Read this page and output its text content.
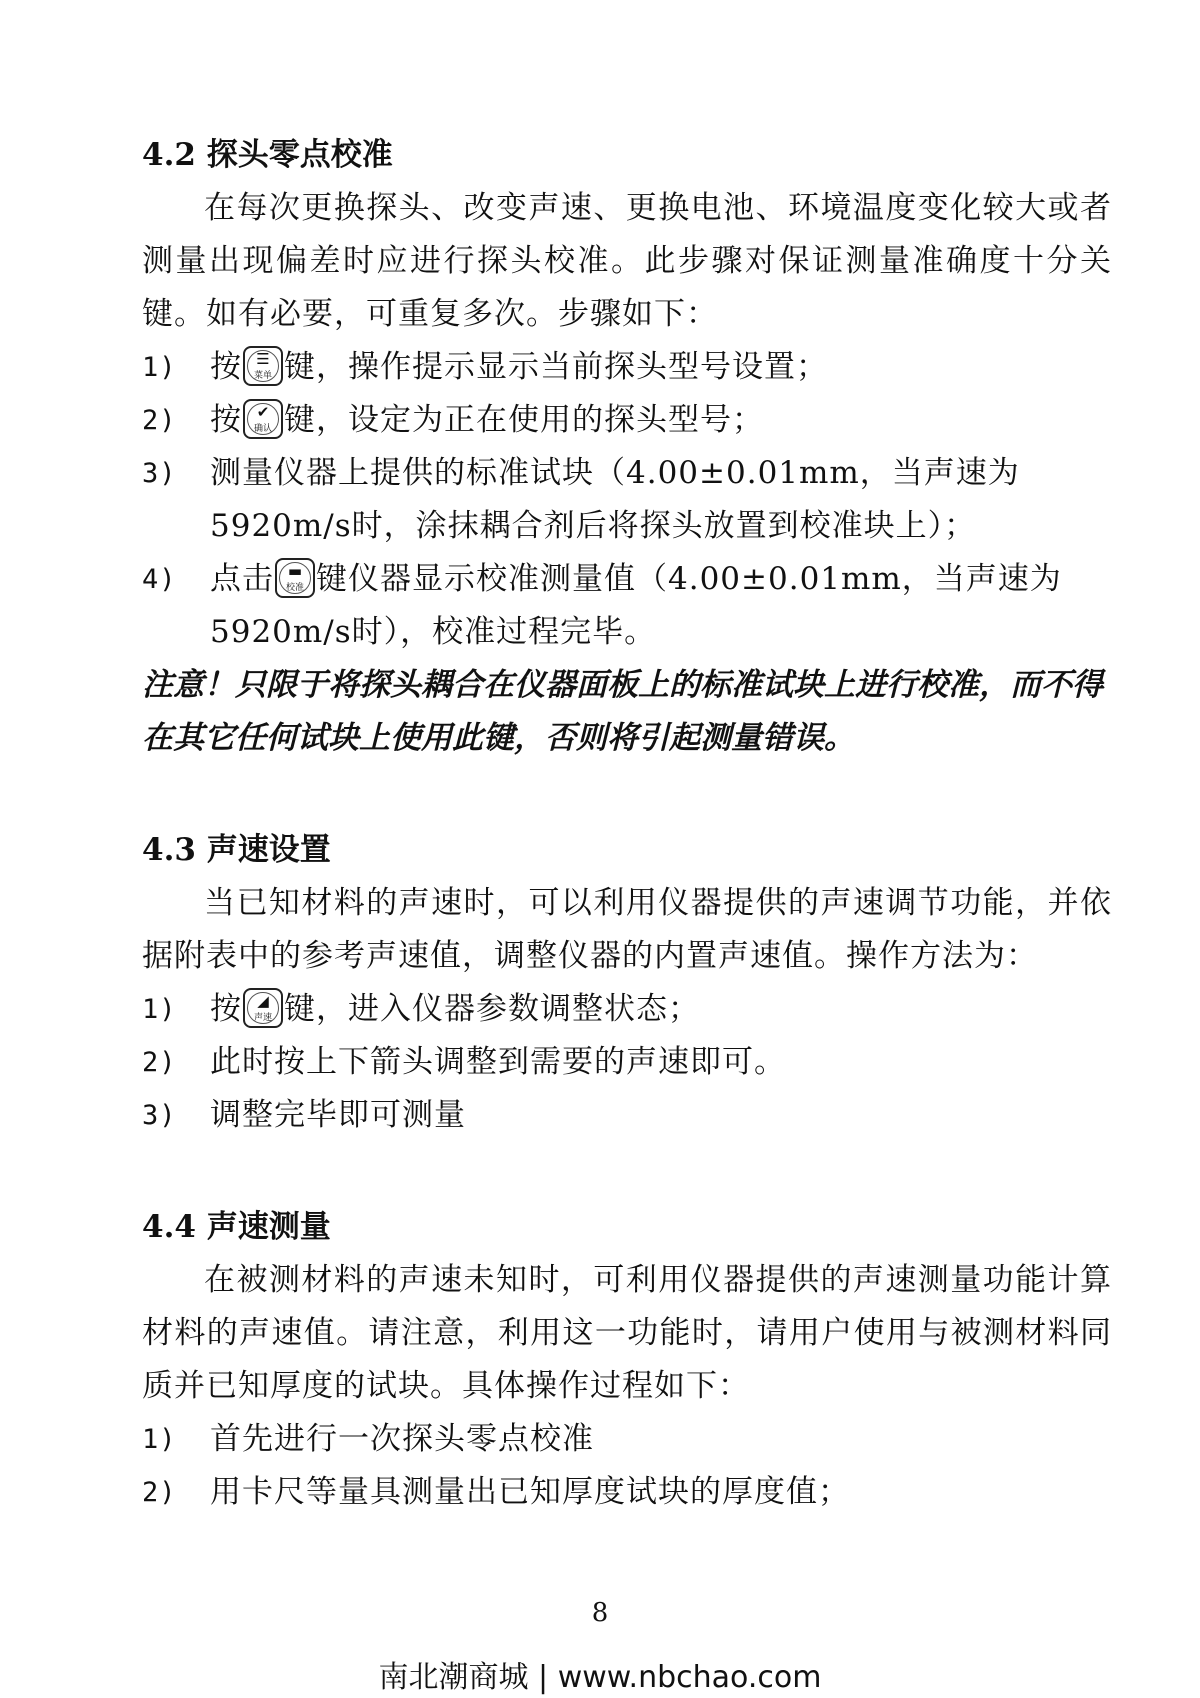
4.2 探头零点校准

在每次更换探头、改变声速、更换电池、环境温度变化较大或者测量出现偏差时应进行探头校准。此步骤对保证测量准确度十分关键。如有必要，可重复多次。步骤如下：

1) 按 ☰
菜单 键，操作提示显示当前探头型号设置；
2) 按 ✔
确认 键，设定为正在使用的探头型号；
3) 测量仪器上提供的标准试块（4.00±0.01mm，当声速为5920m/s时，涂抹耦合剂后将探头放置到校准块上）；
4) 点击 ▬
校准 键仪器显示校准测量值（4.00±0.01mm，当声速为5920m/s时），校准过程完毕。

注意！只限于将探头耦合在仪器面板上的标准试块上进行校准，而不得在其它任何试块上使用此键，否则将引起测量错误。

4.3 声速设置

当已知材料的声速时，可以利用仪器提供的声速调节功能，并依据附表中的参考声速值，调整仪器的内置声速值。操作方法为：

1) 按	◢
声速 键，进入仪器参数调整状态；
2) 此时按上下箭头调整到需要的声速即可。
3) 调整完毕即可测量
4.4 声速测量

在被测材料的声速未知时，可利用仪器提供的声速测量功能计算材料的声速值。请注意，利用这一功能时，请用户使用与被测材料同质并已知厚度的试块。具体操作过程如下：

1) 首先进行一次探头零点校准
2) 用卡尺等量具测量出已知厚度试块的厚度值；
8
南北潮商城 | www.nbchao.com
